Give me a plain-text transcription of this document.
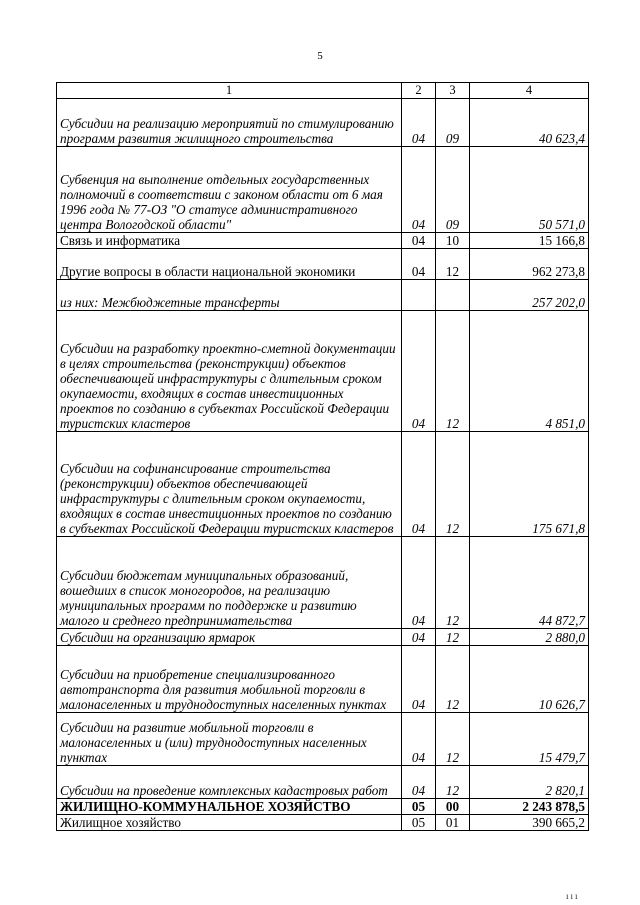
5
1	2	3	4
Субсидии на реализацию мероприятий по стимулированию программ развития жилищного строительства	04	09	40 623,4
Субвенция на выполнение отдельных государственных полномочий в соответствии с законом области от 6 мая 1996 года № 77-ОЗ "О статусе административного центра Вологодской области"	04	09	50 571,0
Связь и информатика	04	10	15 166,8
Другие вопросы в области национальной экономики	04	12	962 273,8
из них: Межбюджетные трансферты			257 202,0
Субсидии на разработку проектно-сметной документации в целях строительства (реконструкции) объектов обеспечивающей инфраструктуры с длительным сроком окупаемости, входящих в состав инвестиционных проектов по созданию в субъектах Российской Федерации туристских кластеров	04	12	4 851,0
Субсидии на софинансирование строительства (реконструкции) объектов обеспечивающей инфраструктуры с длительным сроком окупаемости, входящих в состав инвестиционных проектов по созданию в субъектах Российской Федерации туристских кластеров	04	12	175 671,8
Субсидии бюджетам муниципальных образований, вошедших в список моногородов, на реализацию муниципальных программ по поддержке и развитию малого и среднего предпринимательства	04	12	44 872,7
Субсидии на организацию ярмарок	04	12	2 880,0
Субсидии на приобретение специализированного автотранспорта для развития мобильной торговли в малонаселенных и труднодоступных населенных пунктах	04	12	10 626,7
Субсидии на развитие мобильной торговли в малонаселенных и (или) труднодоступных населенных пунктах	04	12	15 479,7
Субсидии на проведение комплексных кадастровых работ	04	12	2 820,1
ЖИЛИЩНО-КОММУНАЛЬНОЕ ХОЗЯЙСТВО	05	00	2 243 878,5
Жилищное хозяйство	05	01	390 665,2
ııı
